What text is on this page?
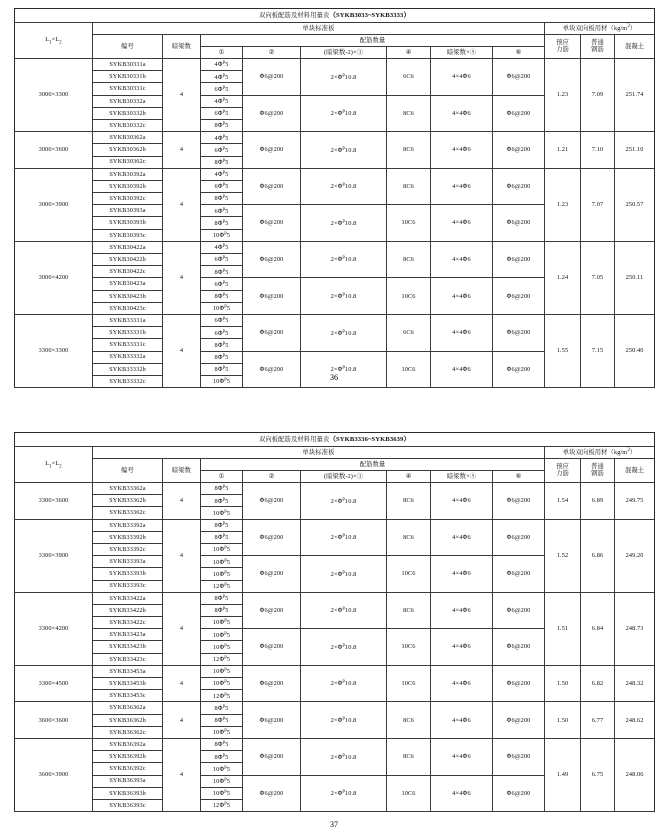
双向板配筋及材料用量表（SYKB3033~SYKB3333）											
$L_1\times L_2$	单块标准板								单块双向板用材$(kg/m^2)$		
	编号	暗梁数	配筋数量						预应
力筋	普通
钢筋	混凝土
			①	②	(暗梁数-2)×③	④	暗梁数×⑤	⑥			
3000×3300	SYKB30331a	4	$4\Phi^p5$	Φ6@200	$2\times\Phi^p10.8$	6C6	4×4Φ6	Φ6@200	1.23	7.09	251.74
	SYKB30331b		$4\Phi^p5$								
	SYKB30331c		$6\Phi^p5$								
	SYKB30332a		$4\Phi^p5$	Φ6@200	$2\times\Phi^p10.8$	8C6	4×4Φ6	Φ6@200			
	SYKB30332b		$6\Phi^p5$								
	SYKB30332c		$8\Phi^p5$								
3000×3600	SYKB30362a	4	$4\Phi^p5$	Φ6@200	$2\times\Phi^p10.8$	8C6	4×4Φ6	Φ6@200	1.21	7.10	251.10
	SYKB30362b		$6\Phi^p5$								
	SYKB30362c		$8\Phi^p5$								
3000×3900	SYKB30392a	4	$4\Phi^p5$	Φ6@200	$2\times\Phi^p10.8$	8C6	4×4Φ6	Φ6@200	1.23	7.07	250.57
	SYKB30392b		$6\Phi^p5$								
	SYKB30392c		$8\Phi^p5$								
	SYKB30393a		$6\Phi^p5$	Φ6@200	$2\times\Phi^p10.8$	10C6	4×4Φ6	Φ6@200			
	SYKB30393b		$8\Phi^p5$								
	SYKB30393c		$10\Phi^p5$								
3000×4200	SYKB30422a	4	$4\Phi^p5$	Φ6@200	$2\times\Phi^p10.8$	8C6	4×4Φ6	Φ6@200	1.24	7.05	250.11
	SYKB30422b		$6\Phi^p5$								
	SYKB30422c		$8\Phi^p5$								
	SYKB30423a		$6\Phi^p5$	Φ6@200	$2\times\Phi^p10.8$	10C6	4×4Φ6	Φ6@200			
	SYKB30423b		$8\Phi^p5$								
	SYKB30423c		$10\Phi^p5$								
3300×3300	SYKB33331a	4	$6\Phi^p5$	Φ6@200	$2\times\Phi^p10.8$	6C6	4×4Φ6	Φ6@200	1.55	7.15	250.40
	SYKB33331b		$6\Phi^p5$								
	SYKB33331c		$8\Phi^p5$								
	SYKB33332a		$8\Phi^p5$	Φ6@200	$2\times\Phi^p10.8$	10C6	4×4Φ6	Φ6@200			
	SYKB33332b		$8\Phi^p5$								
	SYKB33332c		$10\Phi^p5$									36
双向板配筋及材料用量表（SYKB3336~SYKB3639）											
$L_1\times L_2$	单块标准板								单块双向板用材$(kg/m^2)$		
	编号	暗梁数	配筋数量						预应
力筋	普通
钢筋	混凝土
			①	②	(暗梁数-2)×③	④	暗梁数×⑤	⑥			
3300×3600	SYKB33362a	4	$8\Phi^p5$	Φ6@200	$2\times\Phi^p10.8$	8C6	4×4Φ6	Φ6@200	1.54	6.89	249.75
	SYKB33362b		$8\Phi^p5$								
	SYKB33362c		$10\Phi^p5$								
3300×3900	SYKB33392a	4	$8\Phi^p5$	Φ6@200	$2\times\Phi^p10.8$	8C6	4×4Φ6	Φ6@200	1.52	6.86	249.20
	SYKB33392b		$8\Phi^p5$								
	SYKB33392c		$10\Phi^p5$								
	SYKB33393a		$10\Phi^p5$	Φ6@200	$2\times\Phi^p10.8$	10C6	4×4Φ6	Φ6@200			
	SYKB33393b		$10\Phi^p5$								
	SYKB33393c		$12\Phi^p5$								
3300×4200	SYKB33422a	4	$8\Phi^p5$	Φ6@200	$2\times\Phi^p10.8$	8C6	4×4Φ6	Φ6@200	1.51	6.84	248.73
	SYKB33422b		$8\Phi^p5$								
	SYKB33422c		$10\Phi^p5$								
	SYKB33423a		$10\Phi^p5$	Φ6@200	$2\times\Phi^p10.8$	10C6	4×4Φ6	Φ6@200			
	SYKB33423b		$10\Phi^p5$								
	SYKB33423c		$12\Phi^p5$								
3300×4500	SYKB33453a	4	$10\Phi^p5$	Φ6@200	$2\times\Phi^p10.8$	10C6	4×4Φ6	Φ6@200	1.50	6.82	248.32
	SYKB33453b		$10\Phi^p5$								
	SYKB33453c		$12\Phi^p5$								
3600×3600	SYKB36362a	4	$8\Phi^p5$	Φ6@200	$2\times\Phi^p10.8$	8C6	4×4Φ6	Φ6@200	1.50	6.77	248.62
	SYKB36362b		$8\Phi^p5$								
	SYKB36362c		$10\Phi^p5$								
3600×3900	SYKB36392a	4	$8\Phi^p5$	Φ6@200	$2\times\Phi^p10.8$	8C6	4×4Φ6	Φ6@200	1.49	6.75	248.06
	SYKB36392b		$8\Phi^p5$								
	SYKB36392c		$10\Phi^p5$								
	SYKB36393a		$10\Phi^p5$	Φ6@200	$2\times\Phi^p10.8$	10C6	4×4Φ6	Φ6@200			
	SYKB36393b		$10\Phi^p5$								
	SYKB36393c		$12\Phi^p5$								
37
